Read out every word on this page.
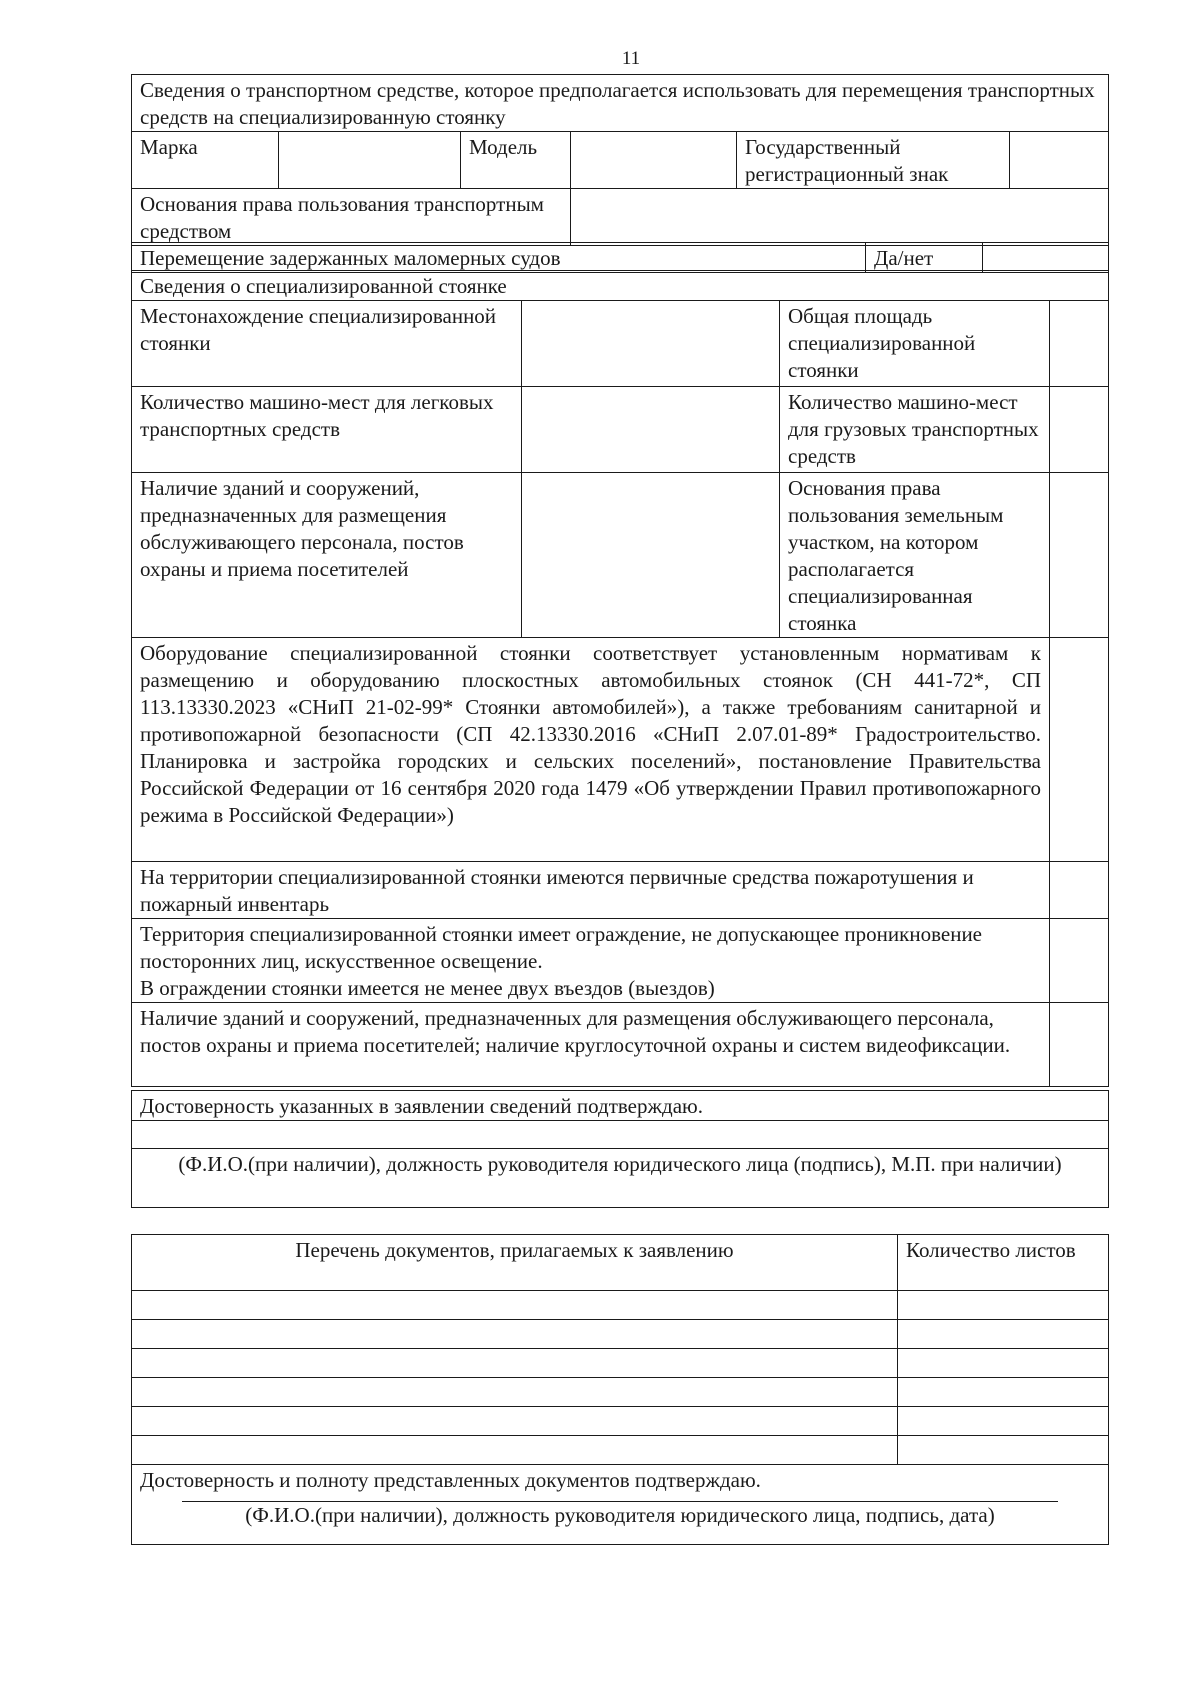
11
Сведения о транспортном средстве, которое предполагается использовать для перемещения транспортных средств на специализированную стоянку					
Марка		Модель		Государственный регистрационный знак	
Основания права пользования транспортным средством					
Перемещение задержанных маломерных судов	Да/нет	
Сведения о специализированной стоянке			
Местонахождение специализированной стоянки		Общая площадь специализированной стоянки	
Количество машино-мест для легковых транспортных средств		Количество машино-мест для грузовых транспортных средств	
Наличие зданий и сооружений, предназначенных для размещения обслуживающего персонала, постов охраны и приема посетителей		Основания права пользования земельным участком, на котором располагается специализированная стоянка	
Оборудование специализированной стоянки соответствует установленным нормативам к размещению и оборудованию плоскостных автомобильных стоянок (СН 441-72*, СП 113.13330.2023 «СНиП 21-02-99* Стоянки автомобилей»), а также требованиям санитарной и противопожарной безопасности (СП 42.13330.2016 «СНиП 2.07.01-89* Градостроительство. Планировка и застройка городских и сельских поселений», постановление Правительства Российской Федерации от 16 сентября 2020 года 1479 «Об утверждении Правил противопожарного режима в Российской Федерации»)			
На территории специализированной стоянки имеются первичные средства пожаротушения и пожарный инвентарь			

Территория специализированной стоянки имеет ограждение, не допускающее проникновение посторонних лиц, искусственное освещение.
В ограждении стоянки имеется не менее двух въездов (выездов)			

Наличие зданий и сооружений, предназначенных для размещения обслуживающего персонала, постов охраны и приема посетителей; наличие круглосуточной охраны и систем видеофиксации.			
Достоверность указанных в заявлении сведений подтверждаю.

(Ф.И.О.(при наличии), должность руководителя юридического лица (подпись), М.П. при наличии)
Перечень документов, прилагаемых к заявлению	Количество листов

Достоверность и полноту представленных документов подтверждаю.
(Ф.И.О.(при наличии), должность руководителя юридического лица, подпись, дата)	
